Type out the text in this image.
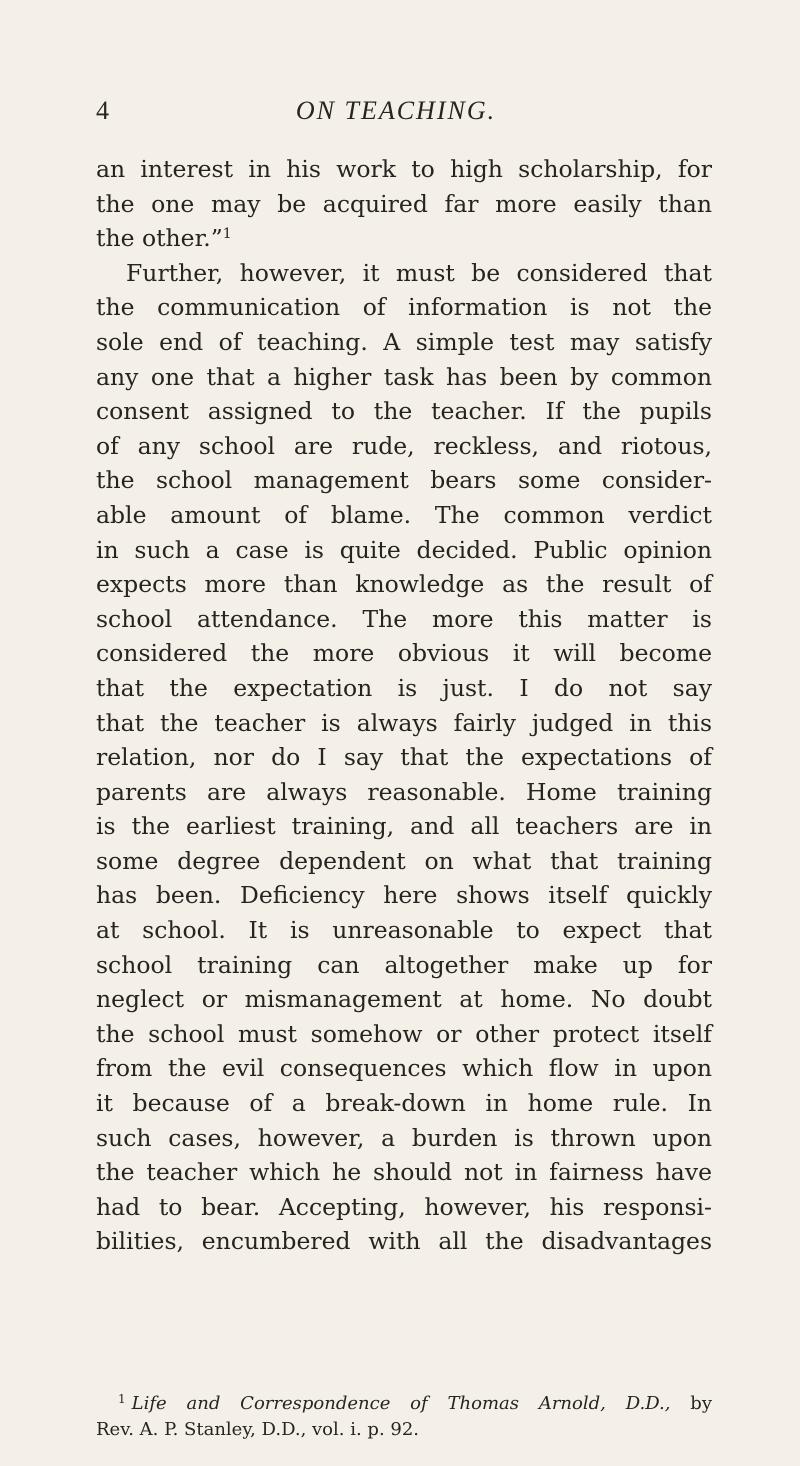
4	ON TEACHING.
an interest in his work to high scholarship, for
the one may be acquired far more easily than
the other.”$^1$
Further, however, it must be considered that
the communication of information is not the
sole end of teaching. A simple test may satisfy
any one that a higher task has been by common
consent assigned to the teacher. If the pupils
of any school are rude, reckless, and riotous,
the school management bears some consider-
able amount of blame. The common verdict
in such a case is quite decided. Public opinion
expects more than knowledge as the result of
school attendance. The more this matter is
considered the more obvious it will become
that the expectation is just. I do not say
that the teacher is always fairly judged in this
relation, nor do I say that the expectations of
parents are always reasonable. Home training
is the earliest training, and all teachers are in
some degree dependent on what that training
has been. Deficiency here shows itself quickly
at school. It is unreasonable to expect that
school training can altogether make up for
neglect or mismanagement at home. No doubt
the school must somehow or other protect itself
from the evil consequences which flow in upon
it because of a break-down in home rule. In
such cases, however, a burden is thrown upon
the teacher which he should not in fairness have
had to bear. Accepting, however, his responsi-
bilities, encumbered with all the disadvantages
$^1$ Life and Correspondence of Thomas Arnold, D.D., by
Rev. A. P. Stanley, D.D., vol. i. p. 92.
